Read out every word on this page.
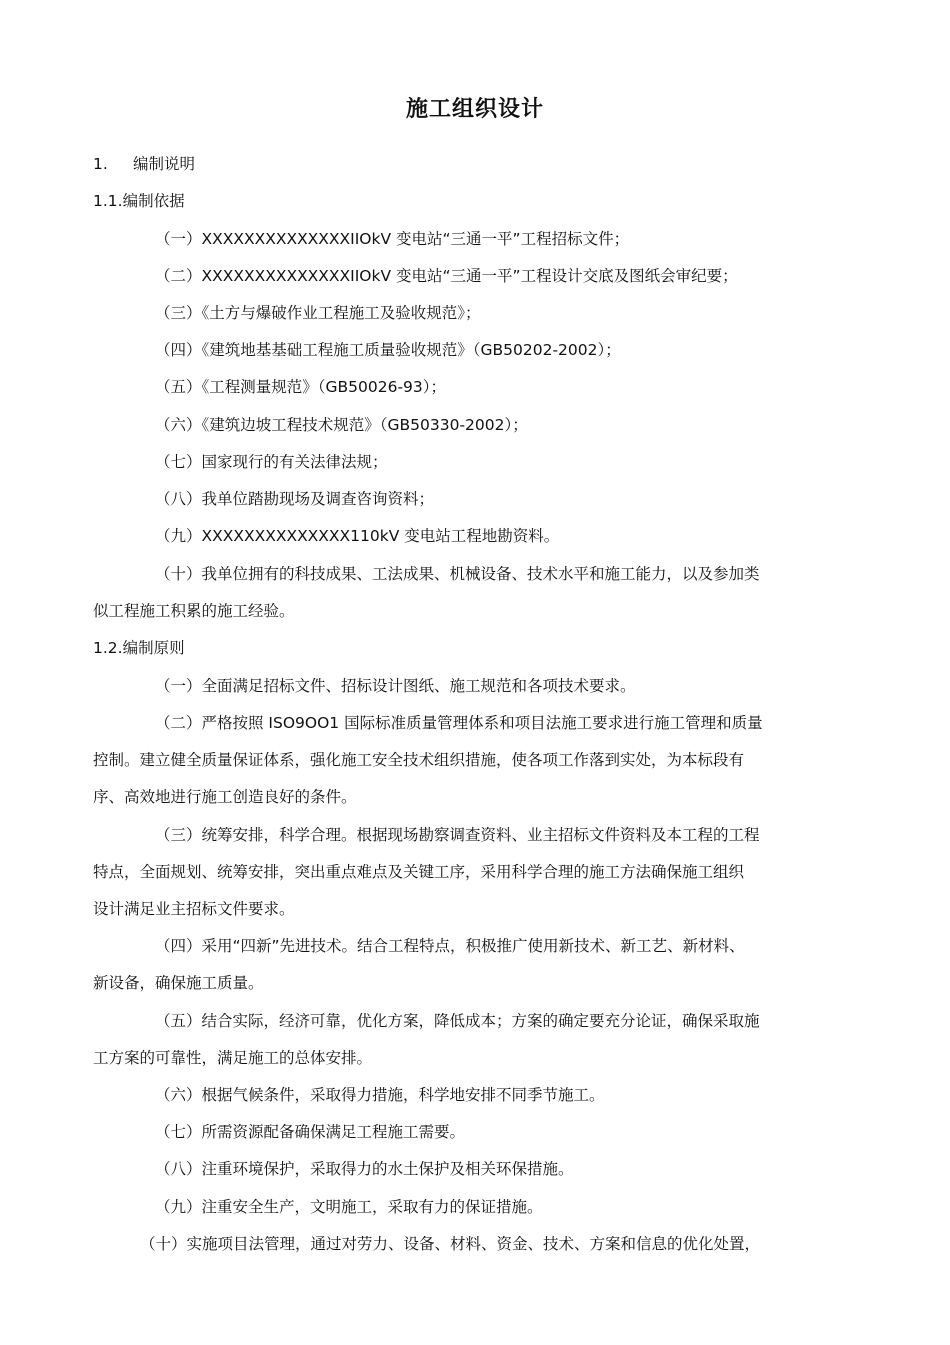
施工组织设计
1. 编制说明
1.1.编制依据
（一）XXXXXXXXXXXXXXIIOkV 变电站“三通一平”工程招标文件；
（二）XXXXXXXXXXXXXXIIOkV 变电站“三通一平”工程设计交底及图纸会审纪要；
（三）《土方与爆破作业工程施工及验收规范》；
（四）《建筑地基基础工程施工质量验收规范》（GB50202-2002）；
（五）《工程测量规范》（GB50026-93）；
（六）《建筑边坡工程技术规范》（GB50330-2002）；
（七）国家现行的有关法律法规；
（八）我单位踏勘现场及调查咨询资料；
（九）XXXXXXXXXXXXXX110kV 变电站工程地勘资料。
（十）我单位拥有的科技成果、工法成果、机械设备、技术水平和施工能力，以及参加类
似工程施工积累的施工经验。
1.2.编制原则
（一）全面满足招标文件、招标设计图纸、施工规范和各项技术要求。
（二）严格按照 ISO9OO1 国际标准质量管理体系和项目法施工要求进行施工管理和质量
控制。建立健全质量保证体系，强化施工安全技术组织措施，使各项工作落到实处，为本标段有
序、高效地进行施工创造良好的条件。
（三）统筹安排，科学合理。根据现场勘察调查资料、业主招标文件资料及本工程的工程
特点，全面规划、统筹安排，突出重点难点及关键工序，采用科学合理的施工方法确保施工组织
设计满足业主招标文件要求。
（四）采用“四新”先进技术。结合工程特点，积极推广使用新技术、新工艺、新材料、
新设备，确保施工质量。
（五）结合实际，经济可靠，优化方案，降低成本；方案的确定要充分论证，确保采取施
工方案的可靠性，满足施工的总体安排。
（六）根据气候条件，采取得力措施，科学地安排不同季节施工。
（七）所需资源配备确保满足工程施工需要。
（八）注重环境保护，采取得力的水土保护及相关环保措施。
（九）注重安全生产，文明施工，采取有力的保证措施。
（十）实施项目法管理，通过对劳力、设备、材料、资金、技术、方案和信息的优化处置，
